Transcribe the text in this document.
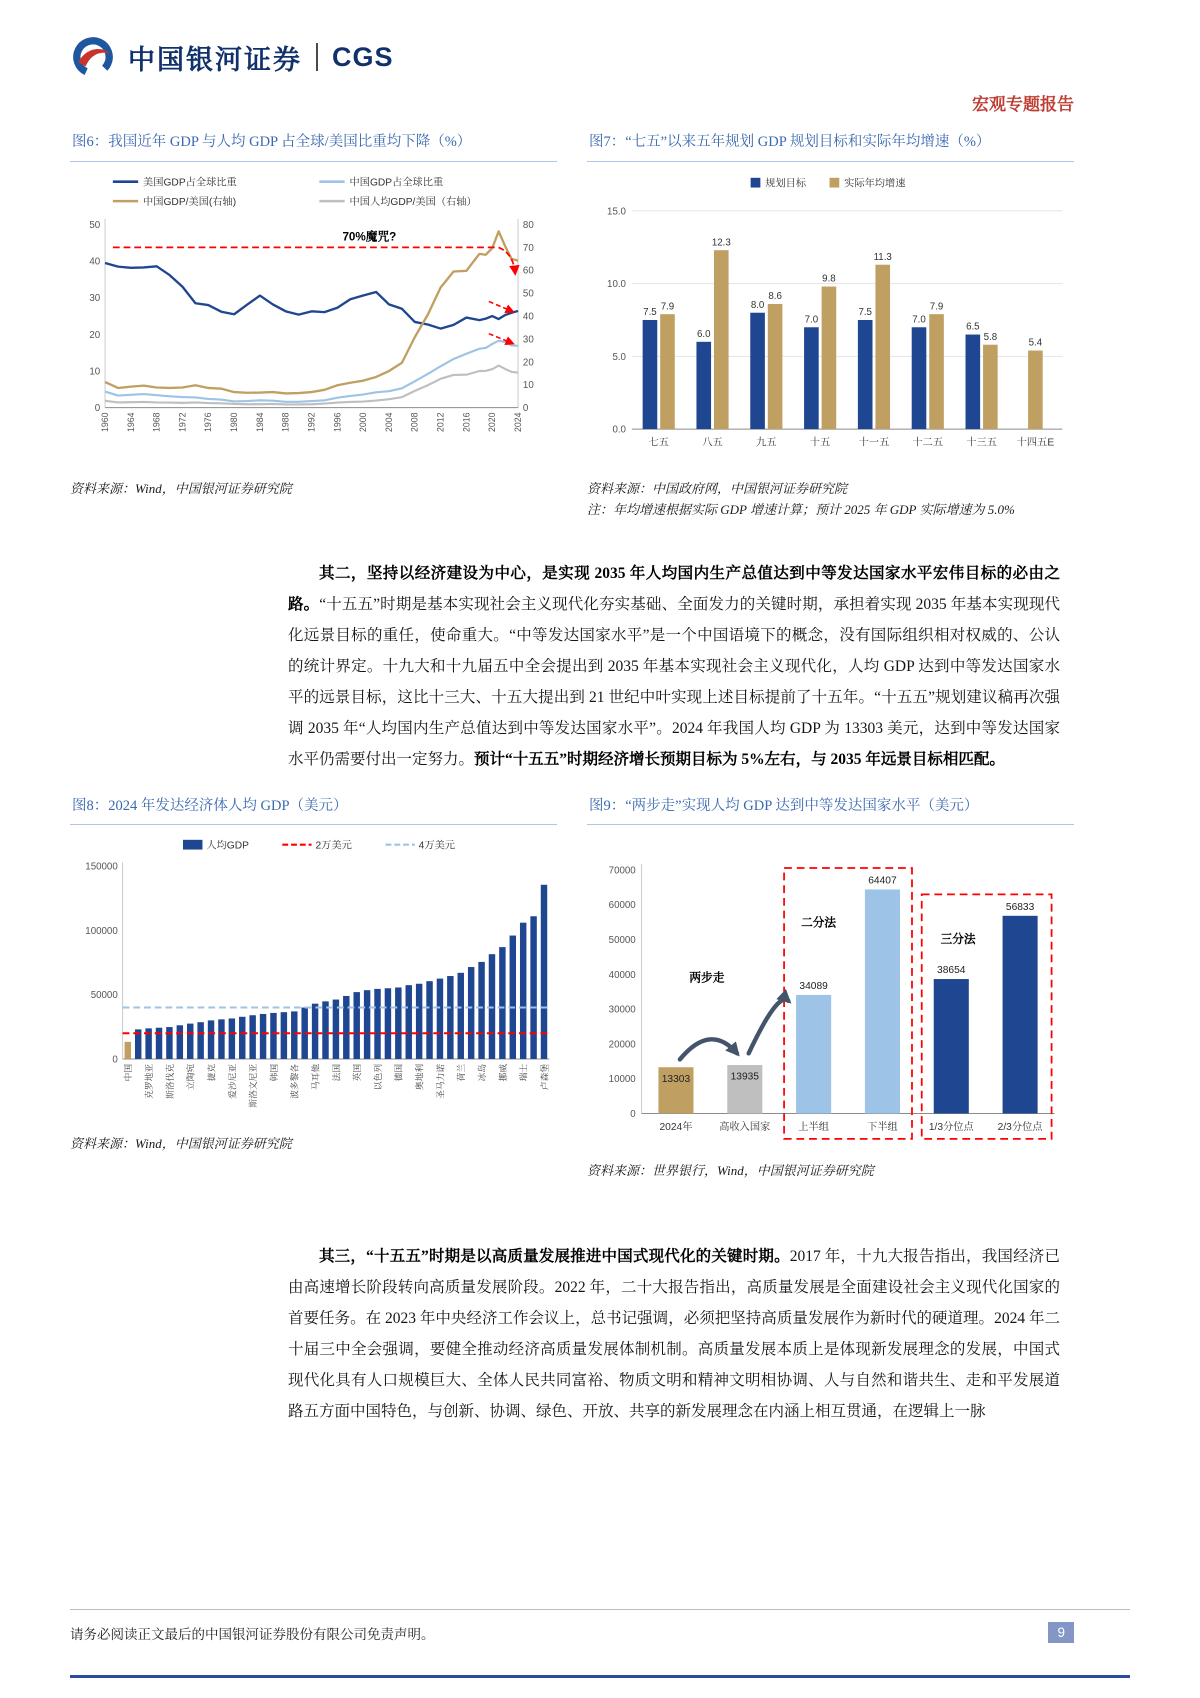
中国银河证券 CGS
宏观专题报告
图6：我国近年 GDP 与人均 GDP 占全球/美国比重均下降（%）
美国GDP占全球比重	中国GDP占全球比重
中国GDP/美国(右轴)	中国人均GDP/美国（右轴）
0
10
20
30
40
50
0
10
20
30
40
50
60
70
80
1960 1964 1968 1972 1976 1980 1984 1988 1992 1996 2000 2004 2008 2012 2016 2020 2024
70%魔咒?
资料来源：Wind，中国银河证券研究院
图7：“七五”以来五年规划 GDP 规划目标和实际年均增速（%）
规划目标	实际年均增速
0.0
5.0
10.0
15.0
七五
7.5
7.9
八五
6.0
12.3
九五
8.0
8.6
十五
7.0
9.8
十一五
7.5
11.3
十二五
7.0
7.9
十三五
6.5
5.8
十四五E
5.4
资料来源：中国政府网，中国银河证券研究院
注：年均增速根据实际 GDP 增速计算；预计 2025 年 GDP 实际增速为 5.0%
其二，坚持以经济建设为中心，是实现 2035 年人均国内生产总值达到中等发达国家水平宏伟目标的必由之路。“十五五”时期是基本实现社会主义现代化夯实基础、全面发力的关键时期，承担着实现 2035 年基本实现现代化远景目标的重任，使命重大。“中等发达国家水平”是一个中国语境下的概念，没有国际组织相对权威的、公认的统计界定。十九大和十九届五中全会提出到 2035 年基本实现社会主义现代化，人均 GDP 达到中等发达国家水平的远景目标，这比十三大、十五大提出到 21 世纪中叶实现上述目标提前了十五年。“十五五”规划建议稿再次强调 2035 年“人均国内生产总值达到中等发达国家水平”。2024 年我国人均 GDP 为 13303 美元，达到中等发达国家水平仍需要付出一定努力。预计“十五五”时期经济增长预期目标为 5%左右，与 2035 年远景目标相匹配。
图8：2024 年发达经济体人均 GDP（美元）
人均GDP	2万美元	4万美元
0
50000
100000
150000
中国 克罗地亚 斯洛伐克 立陶宛 捷克 爱沙尼亚 斯洛文尼亚 韩国 波多黎各 马耳他 法国 英国 以色列 德国 奥地利 圣马力诺 荷兰 冰岛 挪威 瑞士 卢森堡
资料来源：Wind，中国银河证券研究院
图9：“两步走”实现人均 GDP 达到中等发达国家水平（美元）
0
10000
20000
30000
40000
50000
60000
70000
2024年
13303
高收入国家
13935
上半组
34089
下半组
64407
1/3分位点
38654
2/3分位点
56833
二分法
三分法
两步走
资料来源：世界银行，Wind，中国银河证券研究院
其三，“十五五”时期是以高质量发展推进中国式现代化的关键时期。2017 年，十九大报告指出，我国经济已由高速增长阶段转向高质量发展阶段。2022 年，二十大报告指出，高质量发展是全面建设社会主义现代化国家的首要任务。在 2023 年中央经济工作会议上，总书记强调，必须把坚持高质量发展作为新时代的硬道理。2024 年二十届三中全会强调，要健全推动经济高质量发展体制机制。高质量发展本质上是体现新发展理念的发展，中国式现代化具有人口规模巨大、全体人民共同富裕、物质文明和精神文明相协调、人与自然和谐共生、走和平发展道路五方面中国特色，与创新、协调、绿色、开放、共享的新发展理念在内涵上相互贯通，在逻辑上一脉
请务必阅读正文最后的中国银河证券股份有限公司免责声明。	9
